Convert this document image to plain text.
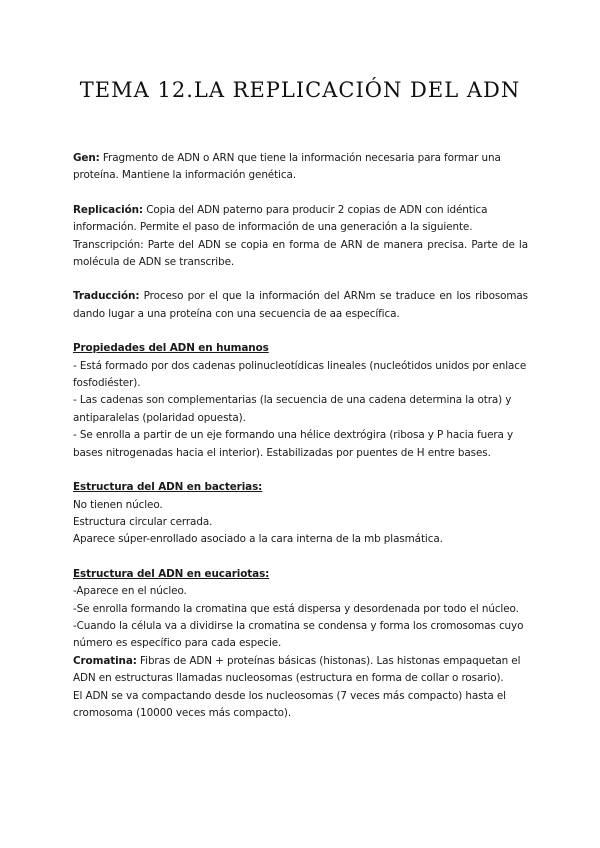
TEMA 12.LA REPLICACIÓN DEL ADN

Gen: Fragmento de ADN o ARN que tiene la información necesaria para formar una proteína. Mantiene la información genética.

Replicación: Copia del ADN paterno para producir 2 copias de ADN con idéntica información. Permite el paso de información de una generación a la siguiente.

Transcripción: Parte del ADN se copia en forma de ARN de manera precisa. Parte de la molécula de ADN se transcribe.

Traducción: Proceso por el que la información del ARNm se traduce en los ribosomas dando lugar a una proteína con una secuencia de aa específica.

Propiedades del ADN en humanos

- Está formado por dos cadenas polinucleotídicas lineales (nucleótidos unidos por enlace fosfodiéster).

- Las cadenas son complementarias (la secuencia de una cadena determina la otra) y antiparalelas (polaridad opuesta).

- Se enrolla a partir de un eje formando una hélice dextrógira (ribosa y P hacia fuera y bases nitrogenadas hacia el interior). Estabilizadas por puentes de H entre bases.

Estructura del ADN en bacterias:

No tienen núcleo.

Estructura circular cerrada.

Aparece súper-enrollado asociado a la cara interna de la mb plasmática.

Estructura del ADN en eucariotas:

-Aparece en el núcleo.

-Se enrolla formando la cromatina que está dispersa y desordenada por todo el núcleo.

-Cuando la célula va a dividirse la cromatina se condensa y forma los cromosomas cuyo número es específico para cada especie.

Cromatina: Fibras de ADN + proteínas básicas (histonas). Las histonas empaquetan el ADN en estructuras llamadas nucleosomas (estructura en forma de collar o rosario).

El ADN se va compactando desde los nucleosomas (7 veces más compacto) hasta el cromosoma (10000 veces más compacto).
